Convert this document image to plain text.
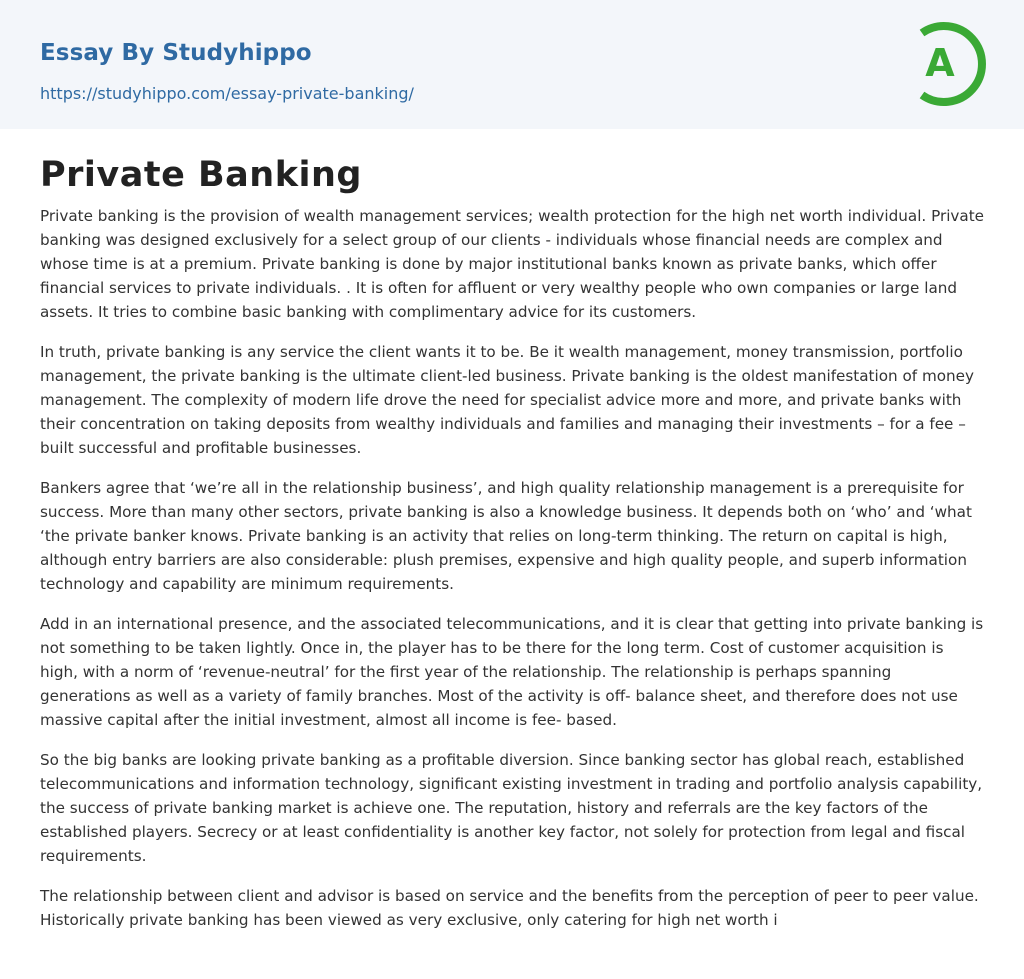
Essay By Studyhippo
https://studyhippo.com/essay-private-banking/
A
Private Banking

Private banking is the provision of wealth management services; wealth protection for the high net worth individual. Private banking was designed exclusively for a select group of our clients - individuals whose financial needs are complex and whose time is at a premium. Private banking is done by major institutional banks known as private banks, which offer financial services to private individuals. . It is often for affluent or very wealthy people who own companies or large land assets. It tries to combine basic banking with complimentary advice for its customers.

In truth, private banking is any service the client wants it to be. Be it wealth management, money transmission, portfolio management, the private banking is the ultimate client-led business. Private banking is the oldest manifestation of money management. The complexity of modern life drove the need for specialist advice more and more, and private banks with their concentration on taking deposits from wealthy individuals and families and managing their investments – for a fee – built successful and profitable businesses.

Bankers agree that ‘we’re all in the relationship business’, and high quality relationship management is a prerequisite for success. More than many other sectors, private banking is also a knowledge business. It depends both on ‘who’ and ‘what ‘the private banker knows. Private banking is an activity that relies on long-term thinking. The return on capital is high, although entry barriers are also considerable: plush premises, expensive and high quality people, and superb information technology and capability are minimum requirements.

Add in an international presence, and the associated telecommunications, and it is clear that getting into private banking is not something to be taken lightly. Once in, the player has to be there for the long term. Cost of customer acquisition is high, with a norm of ‘revenue-neutral’ for the first year of the relationship. The relationship is perhaps spanning generations as well as a variety of family branches. Most of the activity is off- balance sheet, and therefore does not use massive capital after the initial investment, almost all income is fee- based.

So the big banks are looking private banking as a profitable diversion. Since banking sector has global reach, established telecommunications and information technology, significant existing investment in trading and portfolio analysis capability, the success of private banking market is achieve one. The reputation, history and referrals are the key factors of the established players. Secrecy or at least confidentiality is another key factor, not solely for protection from legal and fiscal requirements.

The relationship between client and advisor is based on service and the benefits from the perception of peer to peer value. Historically private banking has been viewed as very exclusive, only catering for high net worth i
